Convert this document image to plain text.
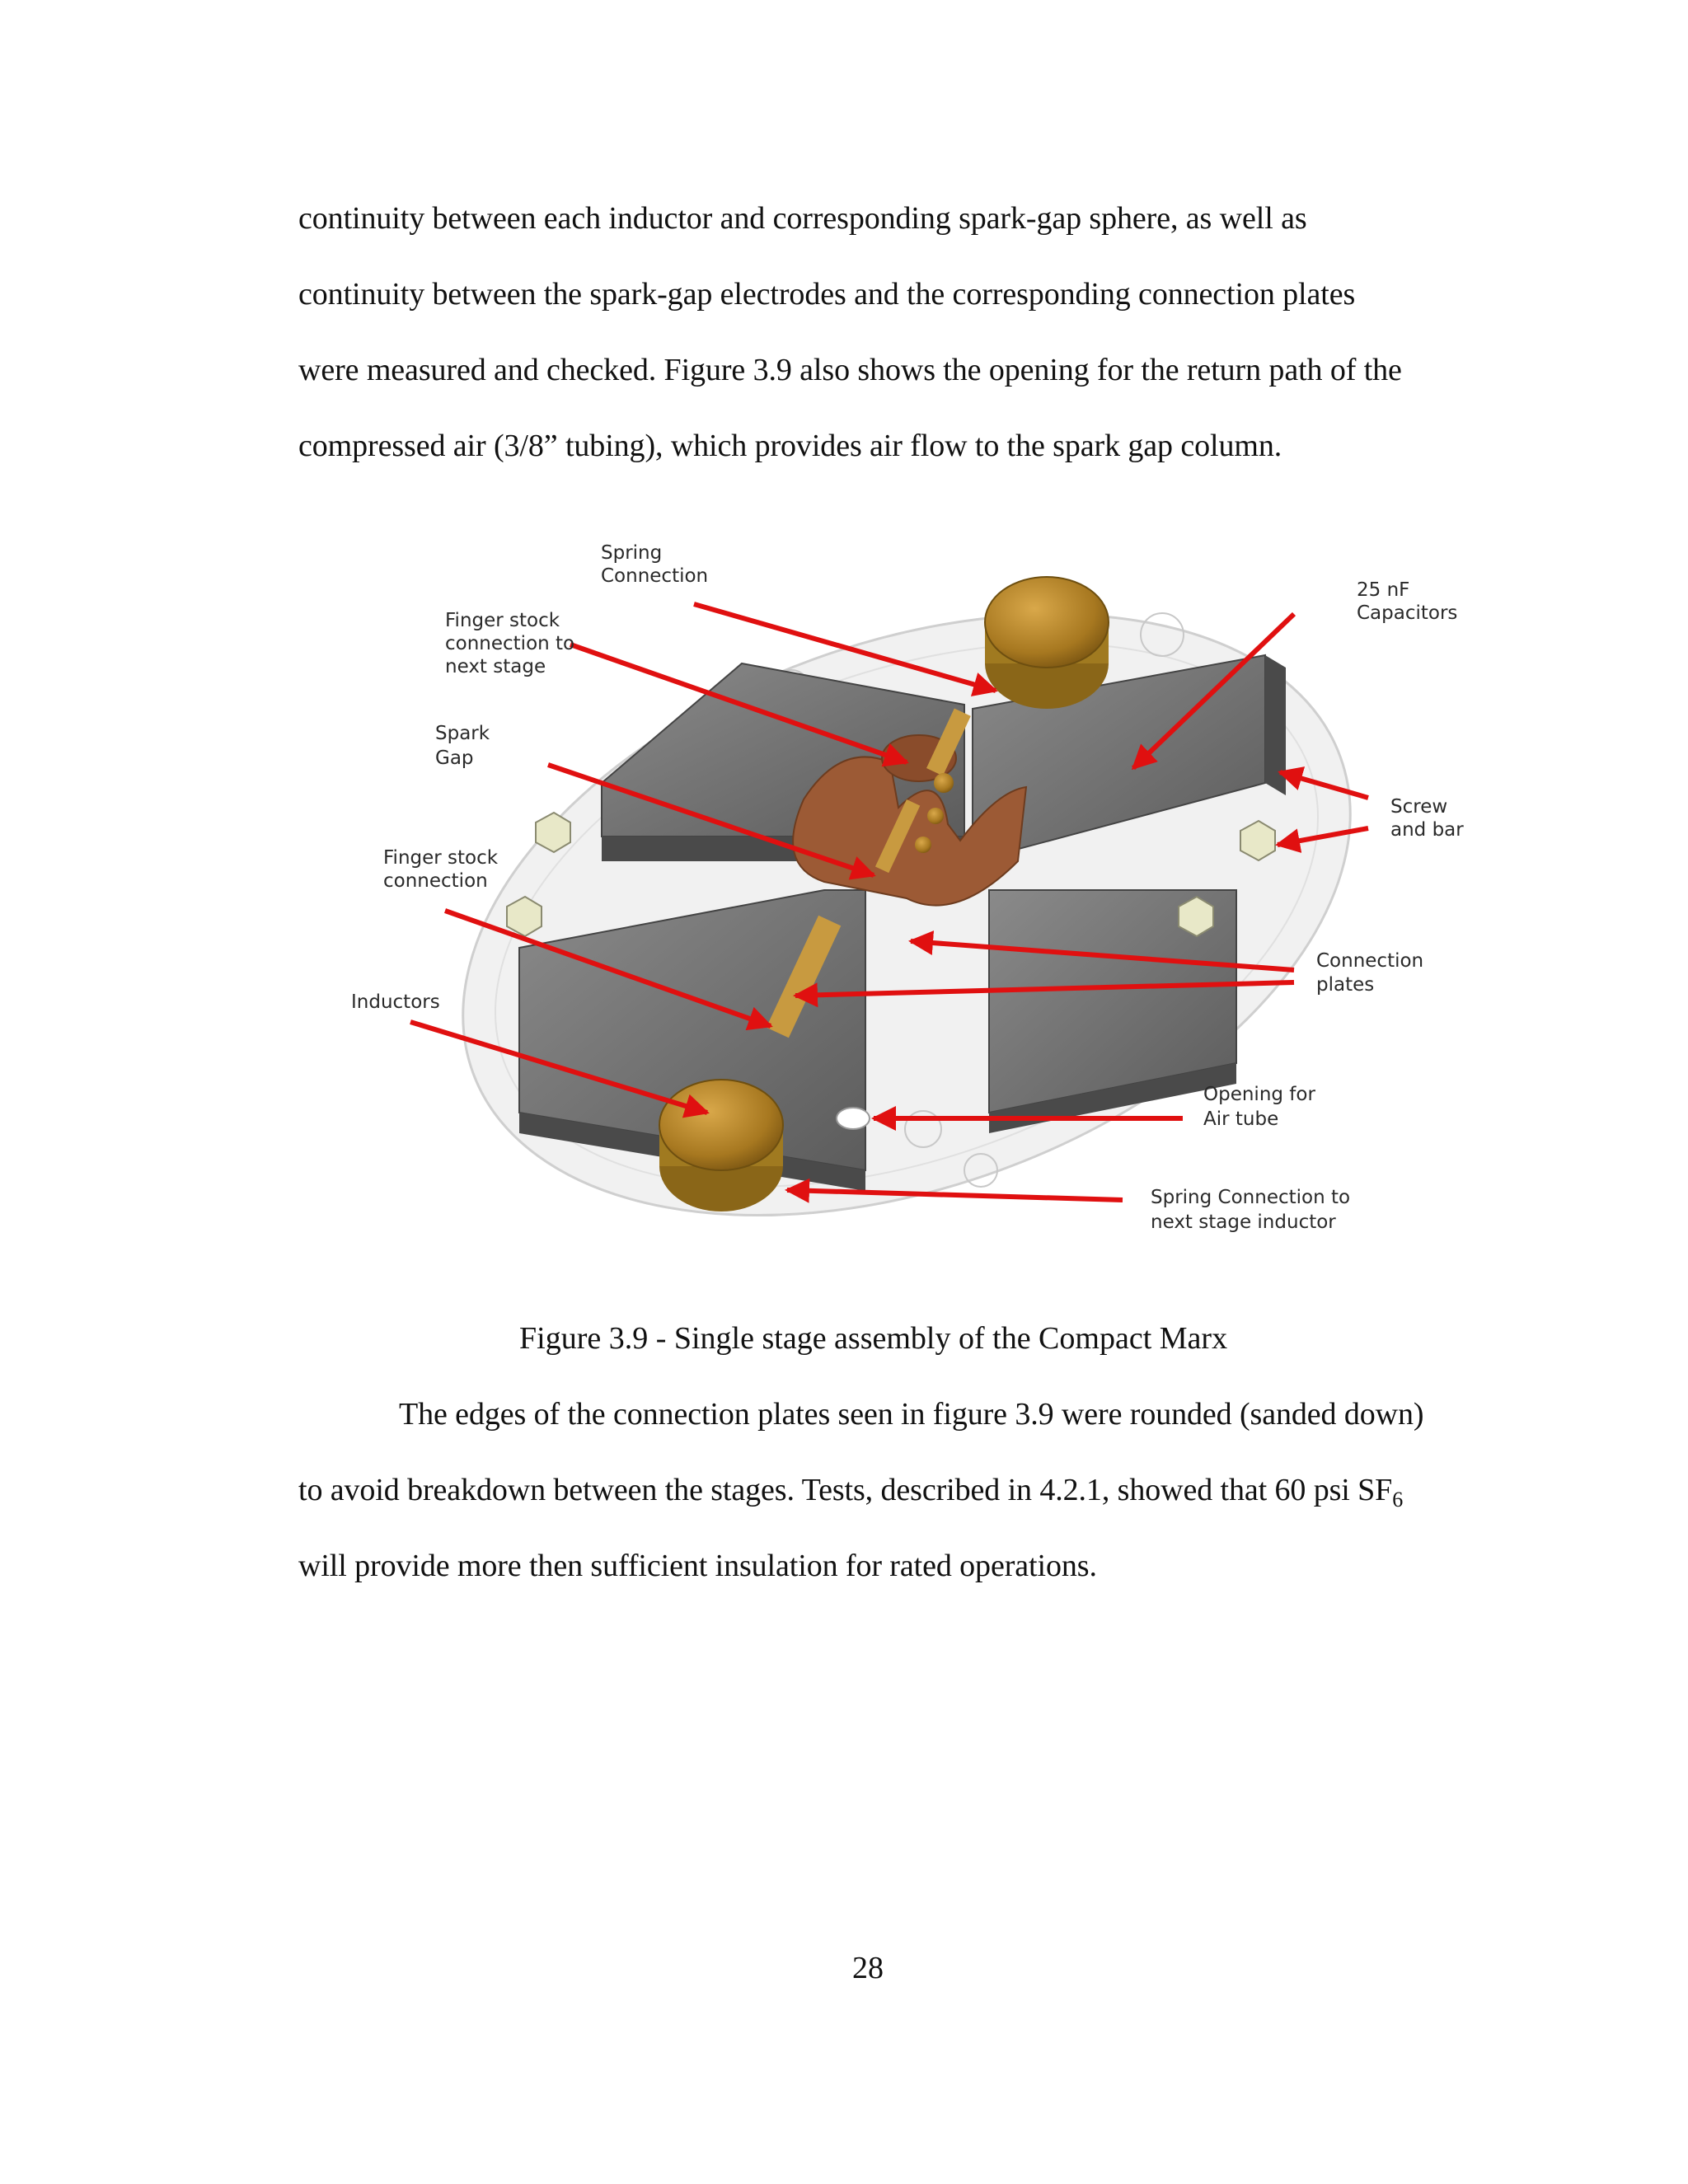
continuity between each inductor and corresponding spark-gap sphere, as well as
continuity between the spark-gap electrodes and the corresponding connection plates
were measured and checked. Figure 3.9 also shows the opening for the return path of the
compressed air (3/8” tubing), which provides air flow to the spark gap column.
Spring Connection
Finger stock connection to next stage
Spark Gap
Finger stock connection
Inductors
25 nF Capacitors
Screw and bar
Connection plates
Opening for Air tube
Spring Connection to next stage inductor
Figure 3.9 - Single stage assembly of the Compact Marx
The edges of the connection plates seen in figure 3.9 were rounded (sanded down)
to avoid breakdown between the stages. Tests, described in 4.2.1, showed that 60 psi $SF_6$
will provide more then sufficient insulation for rated operations.
28
